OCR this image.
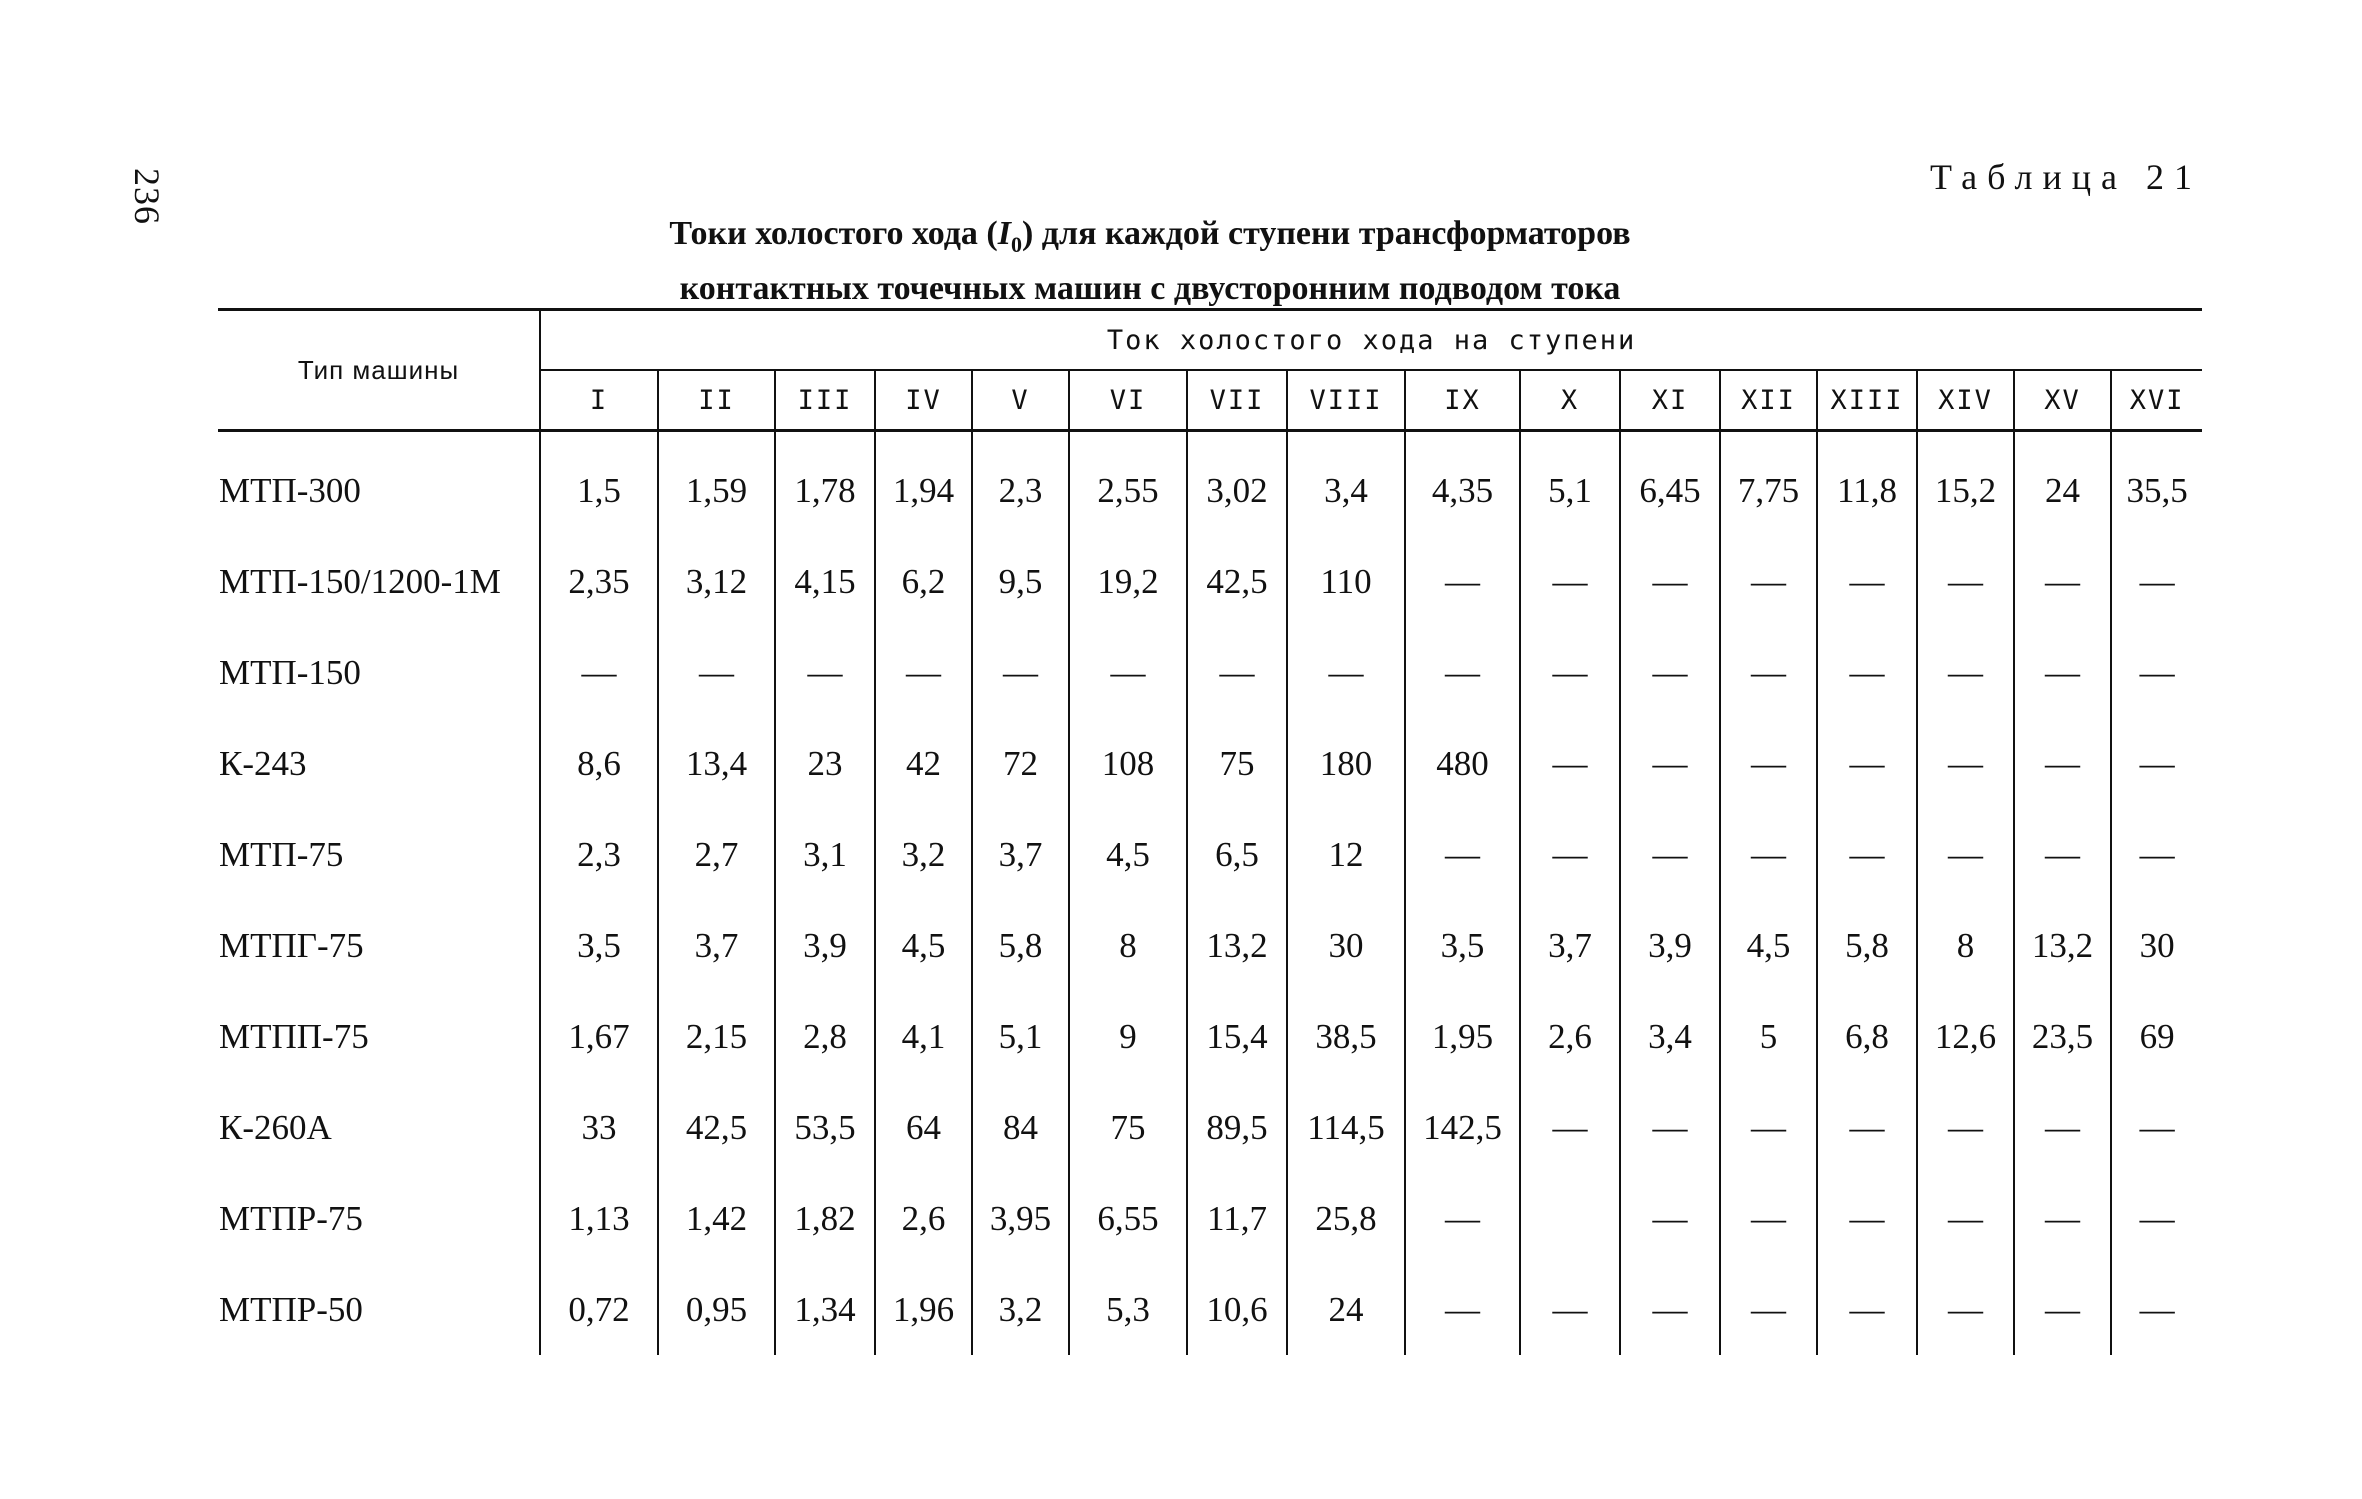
236	Таблица 21
Токи холостого хода $(I_0)$ для каждой ступени трансформаторов
контактных точечных машин с двусторонним подводом тока
Тип машины	Ток холостого хода на ступени															
	I	II	III	IV	V	VI	VII	VIII	IX	X	XI	XII	XIII	XIV	XV	XVI
МТП-300	1,5	1,59	1,78	1,94	2,3	2,55	3,02	3,4	4,35	5,1	6,45	7,75	11,8	15,2	24	35,5
МТП-150/1200-1М	2,35	3,12	4,15	6,2	9,5	19,2	42,5	110	—	—	—	—	—	—	—	—
МТП-150	—	—	—	—	—	—	—	—	—	—	—	—	—	—	—	—
К-243	8,6	13,4	23	42	72	108	75	180	480	—	—	—	—	—	—	—
МТП-75	2,3	2,7	3,1	3,2	3,7	4,5	6,5	12	—	—	—	—	—	—	—	—
МТПГ-75	3,5	3,7	3,9	4,5	5,8	8	13,2	30	3,5	3,7	3,9	4,5	5,8	8	13,2	30
МТПП-75	1,67	2,15	2,8	4,1	5,1	9	15,4	38,5	1,95	2,6	3,4	5	6,8	12,6	23,5	69
К-260А	33	42,5	53,5	64	84	75	89,5	114,5	142,5	—	—	—	—	—	—	—
МТПР-75	1,13	1,42	1,82	2,6	3,95	6,55	11,7	25,8	—		—	—	—	—	—	—
МТПР-50	0,72	0,95	1,34	1,96	3,2	5,3	10,6	24	—	—	—	—	—	—	—	—
